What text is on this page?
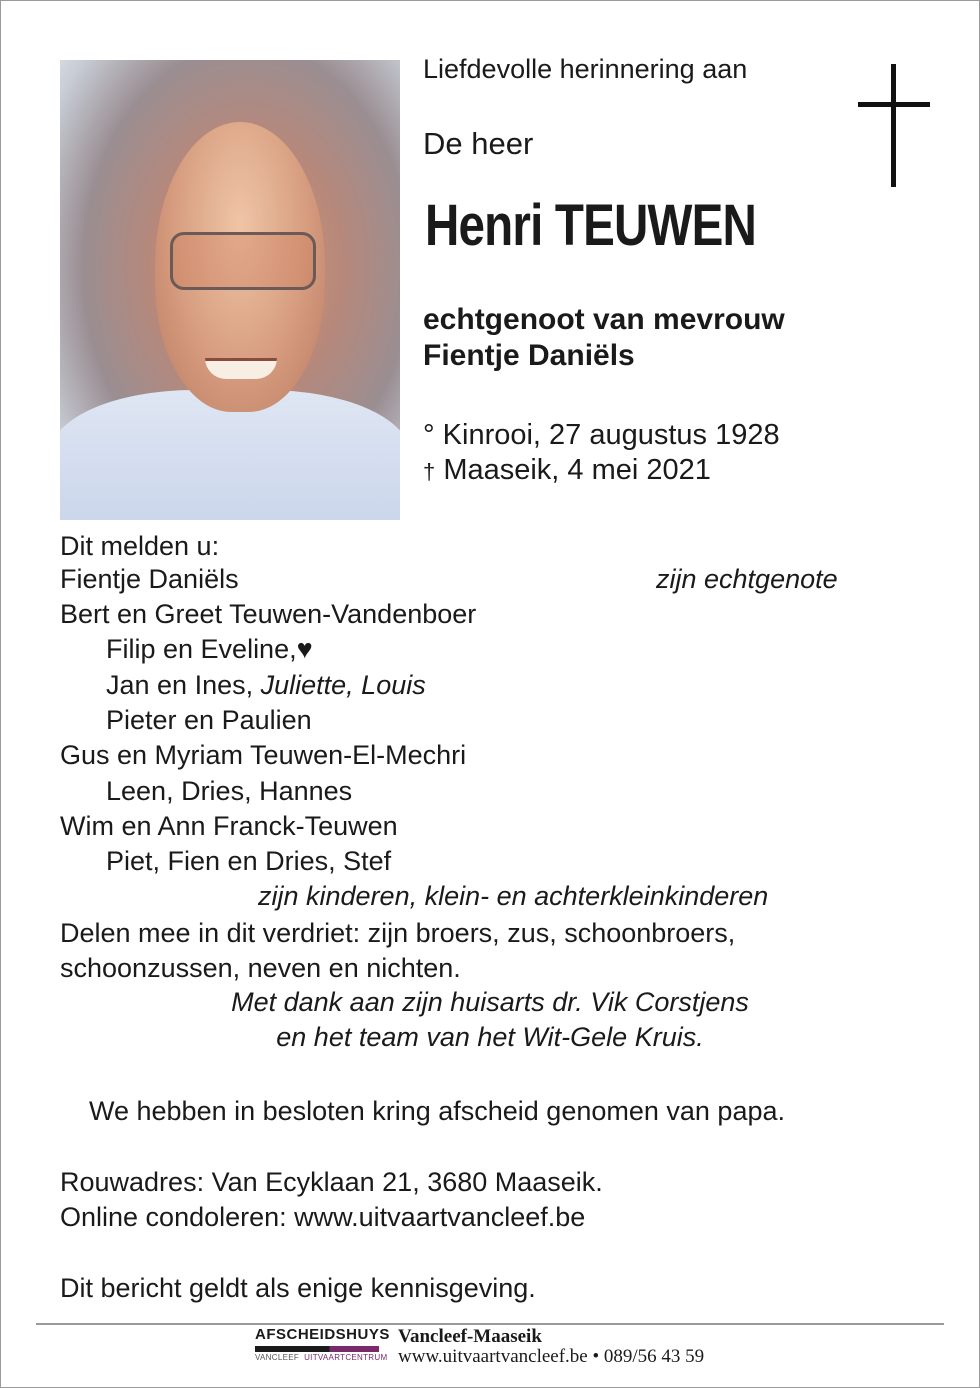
Liefdevolle herinnering aan
De heer
Henri TEUWEN
echtgenoot van mevrouw
Fientje Daniëls
° Kinrooi, 27 augustus 1928
† Maaseik, 4 mei 2021
Dit melden u:
Fientje Daniëls	zijn echtgenote
Bert en Greet Teuwen-Vandenboer
Filip en Eveline,♥
Jan en Ines, Juliette, Louis
Pieter en Paulien
Gus en Myriam Teuwen-El-Mechri
Leen, Dries, Hannes
Wim en Ann Franck-Teuwen
Piet, Fien en Dries, Stef
zijn kinderen, klein- en achterkleinkinderen
Delen mee in dit verdriet: zijn broers, zus, schoonbroers,
schoonzussen, neven en nichten.
Met dank aan zijn huisarts dr. Vik Corstjens
en het team van het Wit-Gele Kruis.
We hebben in besloten kring afscheid genomen van papa.
Rouwadres: Van Ecyklaan 21, 3680 Maaseik.
Online condoleren: www.uitvaartvancleef.be
Dit bericht geldt als enige kennisgeving.
AFSCHEIDSHUYS
VANCLEEF UITVAARTCENTRUM
Vancleef-Maaseik
www.uitvaartvancleef.be • 089/56 43 59
